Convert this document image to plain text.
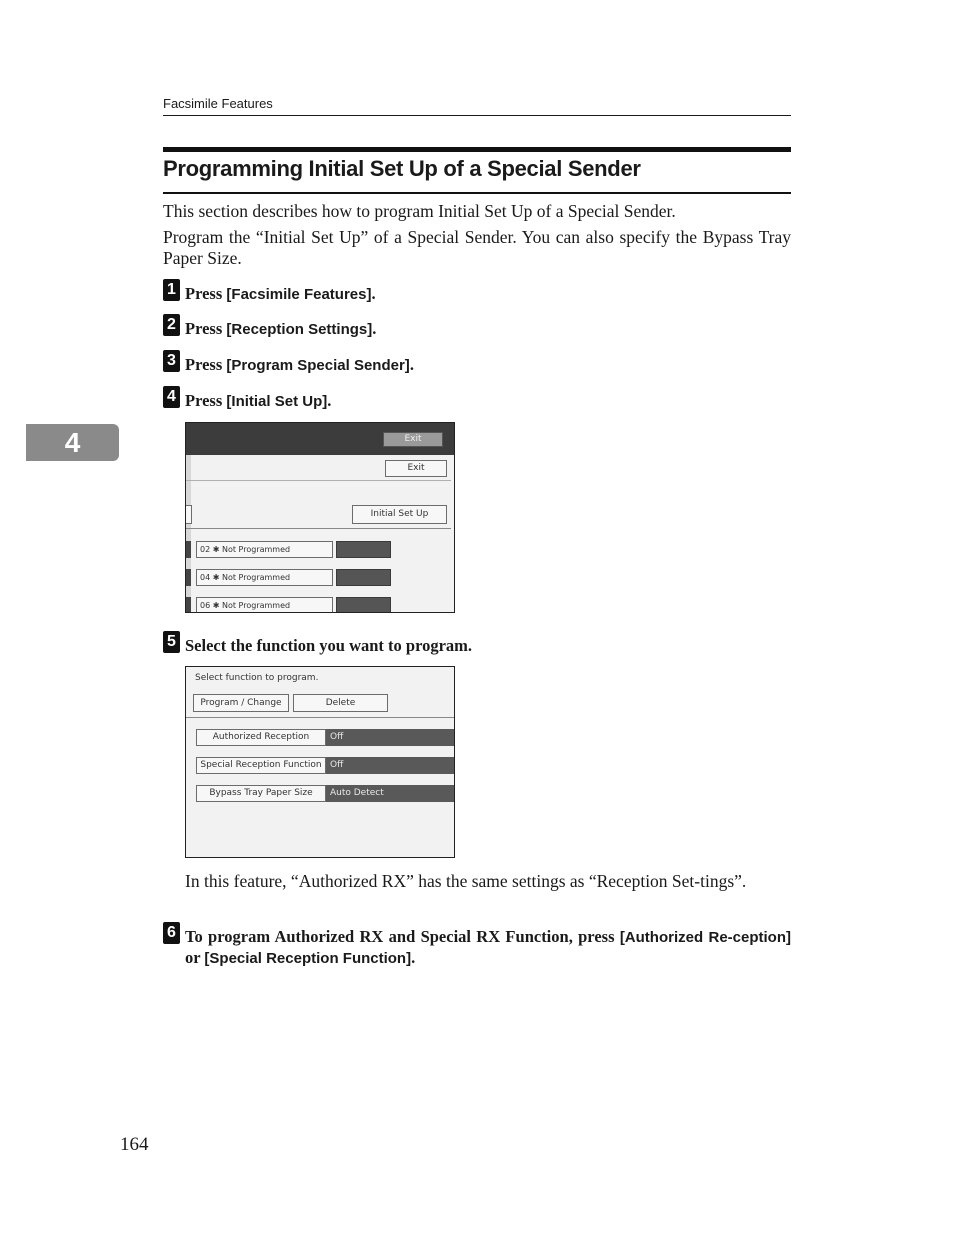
Facsimile Features
Programming Initial Set Up of a Special Sender
This section describes how to program Initial Set Up of a Special Sender.
Program the “Initial Set Up” of a Special Sender. You can also specify the Bypass Tray Paper Size.
4
1 Press [Facsimile Features].
2 Press [Reception Settings].
3 Press [Program Special Sender].
4 Press [Initial Set Up].
Exit
Exit
Initial Set Up
02 ✱ Not Programmed
04 ✱ Not Programmed
06 ✱ Not Programmed
5 Select the function you want to program.
Select function to program.
Program / Change	Delete
Authorized Reception	Off
Special Reception Function Off
Bypass Tray Paper Size	Auto Detect
In this feature, “Authorized RX” has the same settings as “Reception Set-tings”.
6 To program Authorized RX and Special RX Function, press [Authorized Re-ception] or [Special Reception Function].
164
